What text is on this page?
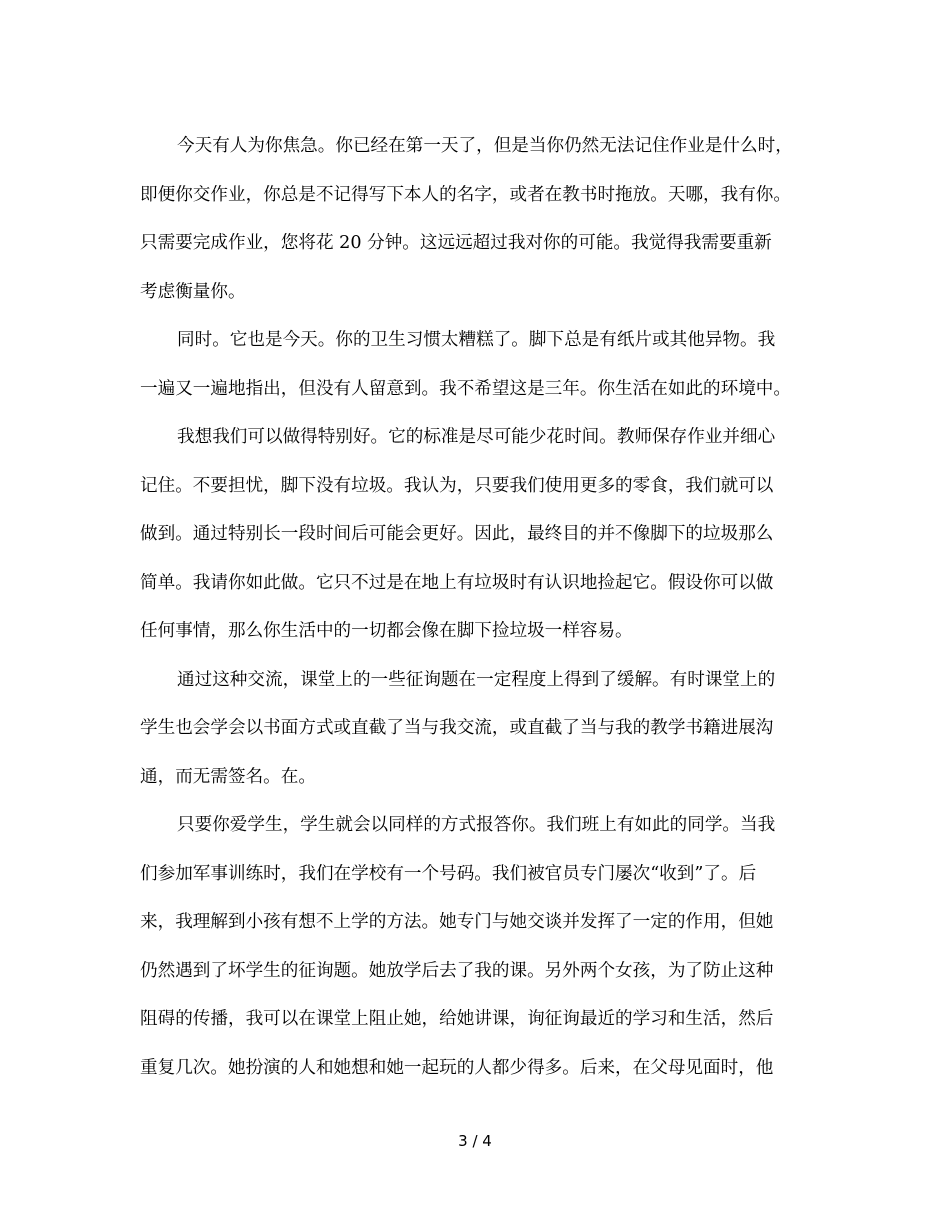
今天有人为你焦急。你已经在第一天了，但是当你仍然无法记住作业是什么时，
即便你交作业，你总是不记得写下本人的名字，或者在教书时拖放。天哪，我有你。
只需要完成作业，您将花 20 分钟。这远远超过我对你的可能。我觉得我需要重新
考虑衡量你。
同时。它也是今天。你的卫生习惯太糟糕了。脚下总是有纸片或其他异物。我
一遍又一遍地指出，但没有人留意到。我不希望这是三年。你生活在如此的环境中。
我想我们可以做得特别好。它的标准是尽可能少花时间。教师保存作业并细心
记住。不要担忧，脚下没有垃圾。我认为，只要我们使用更多的零食，我们就可以
做到。通过特别长一段时间后可能会更好。因此，最终目的并不像脚下的垃圾那么
简单。我请你如此做。它只不过是在地上有垃圾时有认识地捡起它。假设你可以做
任何事情，那么你生活中的一切都会像在脚下捡垃圾一样容易。
通过这种交流，课堂上的一些征询题在一定程度上得到了缓解。有时课堂上的
学生也会学会以书面方式或直截了当与我交流，或直截了当与我的教学书籍进展沟
通，而无需签名。在。
只要你爱学生，学生就会以同样的方式报答你。我们班上有如此的同学。当我
们参加军事训练时，我们在学校有一个号码。我们被官员专门屡次“收到”了。后
来，我理解到小孩有想不上学的方法。她专门与她交谈并发挥了一定的作用，但她
仍然遇到了坏学生的征询题。她放学后去了我的课。另外两个女孩，为了防止这种
阻碍的传播，我可以在课堂上阻止她，给她讲课，询征询最近的学习和生活，然后
重复几次。她扮演的人和她想和她一起玩的人都少得多。后来，在父母见面时，他
3 / 4
